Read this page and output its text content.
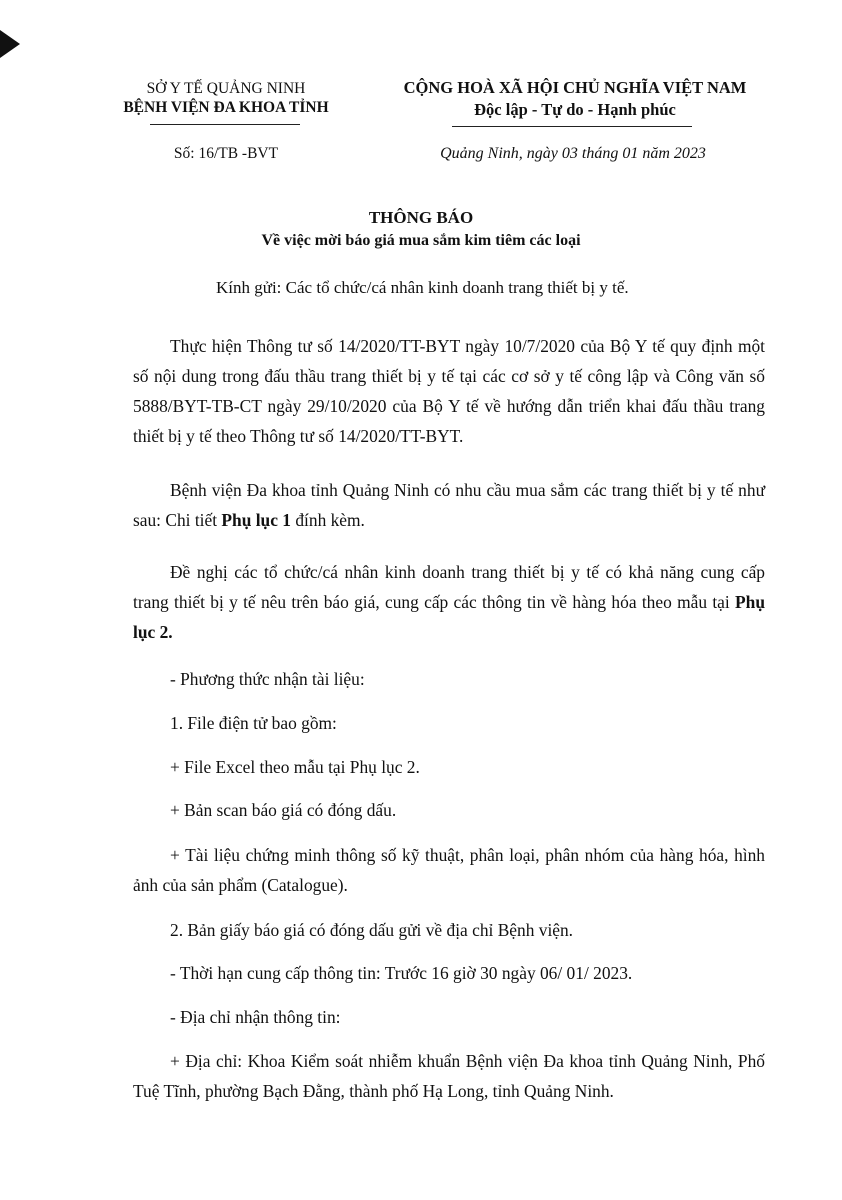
SỞ Y TẾ QUẢNG NINH
BỆNH VIỆN ĐA KHOA TỈNH
Số: 16/TB -BVT
CỘNG HOÀ XÃ HỘI CHỦ NGHĨA VIỆT NAM
Độc lập - Tự do - Hạnh phúc
Quảng Ninh, ngày 03 tháng 01 năm 2023
THÔNG BÁO
Về việc mời báo giá mua sắm kim tiêm các loại
Kính gửi: Các tổ chức/cá nhân kinh doanh trang thiết bị y tế.

Thực hiện Thông tư số 14/2020/TT-BYT ngày 10/7/2020 của Bộ Y tế quy định một số nội dung trong đấu thầu trang thiết bị y tế tại các cơ sở y tế công lập và Công văn số 5888/BYT-TB-CT ngày 29/10/2020 của Bộ Y tế về hướng dẫn triển khai đấu thầu trang thiết bị y tế theo Thông tư số 14/2020/TT-BYT.

Bệnh viện Đa khoa tỉnh Quảng Ninh có nhu cầu mua sắm các trang thiết bị y tế như sau: Chi tiết Phụ lục 1 đính kèm.

Đề nghị các tổ chức/cá nhân kinh doanh trang thiết bị y tế có khả năng cung cấp trang thiết bị y tế nêu trên báo giá, cung cấp các thông tin về hàng hóa theo mẫu tại Phụ lục 2.

- Phương thức nhận tài liệu:

1. File điện tử bao gồm:

+ File Excel theo mẫu tại Phụ lục 2.

+ Bản scan báo giá có đóng dấu.

+ Tài liệu chứng minh thông số kỹ thuật, phân loại, phân nhóm của hàng hóa, hình ảnh của sản phẩm (Catalogue).

2. Bản giấy báo giá có đóng dấu gửi về địa chỉ Bệnh viện.

- Thời hạn cung cấp thông tin: Trước 16 giờ 30 ngày 06/ 01/ 2023.

- Địa chỉ nhận thông tin:

+ Địa chỉ: Khoa Kiểm soát nhiễm khuẩn Bệnh viện Đa khoa tỉnh Quảng Ninh, Phố Tuệ Tĩnh, phường Bạch Đằng, thành phố Hạ Long, tỉnh Quảng Ninh.
